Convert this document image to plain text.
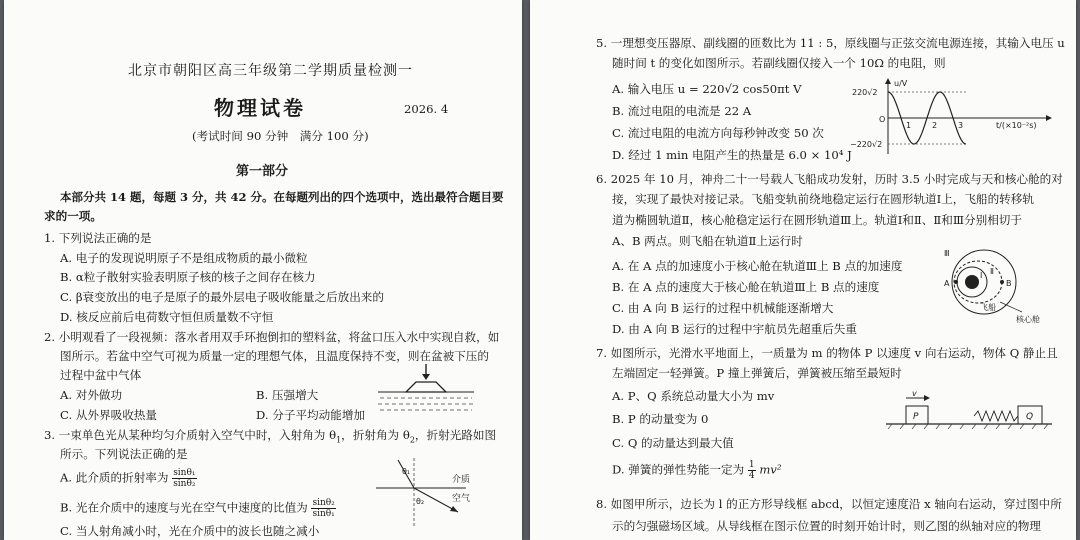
北京市朝阳区高三年级第二学期质量检测一
物理试卷	2026. 4
(考试时间 90 分钟　满分 100 分)
第一部分
本部分共 14 题，每题 3 分，共 42 分。在每题列出的四个选项中，选出最符合题目要
求的一项。
1. 下列说法正确的是
A. 电子的发现说明原子不是组成物质的最小微粒
B. α粒子散射实验表明原子核的核子之间存在核力
C. β衰变放出的电子是原子的最外层电子吸收能量之后放出来的
D. 核反应前后电荷数守恒但质量数不守恒
2. 小明观看了一段视频：落水者用双手环抱倒扣的塑料盆，将盆口压入水中实现自救，如
图所示。若盆中空气可视为质量一定的理想气体，且温度保持不变，则在盆被下压的
过程中盆中气体
A. 对外做功	B. 压强增大
C. 从外界吸收热量	D. 分子平均动能增加
3. 一束单色光从某种均匀介质射入空气中时，入射角为 $\theta_1$，折射角为 $\theta_2$，折射光路如图
所示。下列说法正确的是
A. 此介质的折射率为 $\frac{\text{sinθ₁}}{\text{sinθ₂}}$
B. 光在介质中的速度与光在空气中速度的比值为 $\frac{\text{sinθ₂}}{\text{sinθ₁}}$
C. 当人射角减小时，光在介质中的波长也随之减小
θ₁
θ₂
介质
空气
5. 一理想变压器原、副线圈的匝数比为 11 : 5，原线圈与正弦交流电源连接，其输入电压 u
随时间 t 的变化如图所示。若副线圈仅接入一个 10Ω 的电阻，则
A. 输入电压 u = 220√2 cos50πt V
B. 流过电阻的电流是 22 A
C. 流过电阻的电流方向每秒钟改变 50 次
D. 经过 1 min 电阻产生的热量是 6.0 × 10⁴ J
u/V
220√2
−220√2
O
1	2	3	t/(×10⁻²s)
6. 2025 年 10 月，神舟二十一号载人飞船成功发射，历时 3.5 小时完成与天和核心舱的对
接，实现了最快对接记录。飞船变轨前绕地稳定运行在圆形轨道Ⅰ上，飞船的转移轨
道为椭圆轨道Ⅱ，核心舱稳定运行在圆形轨道Ⅲ上。轨道Ⅰ和Ⅱ、Ⅱ和Ⅲ分别相切于
A、B 两点。则飞船在轨道Ⅱ上运行时
A. 在 A 点的加速度小于核心舱在轨道Ⅲ上 B 点的加速度
B. 在 A 点的速度大于核心舱在轨道Ⅲ上 B 点的速度
C. 由 A 向 B 运行的过程中机械能逐渐增大
D. 由 A 向 B 运行的过程中宇航员先超重后失重
Ⅲ
Ⅱ
Ⅰ
A	B
飞船
核心舱
7. 如图所示，光滑水平地面上，一质量为 m 的物体 P 以速度 v 向右运动，物体 Q 静止且
左端固定一轻弹簧。P 撞上弹簧后，弹簧被压缩至最短时
A. P、Q 系统总动量大小为 mv
B. P 的动量变为 0
C. Q 的动量达到最大值
D. 弹簧的弹性势能一定为 $\frac{1}{4} mv^2$
v
P	Q
8. 如图甲所示，边长为 l 的正方形导线框 abcd，以恒定速度沿 x 轴向右运动，穿过图中所
示的匀强磁场区域。从导线框在图示位置的时刻开始计时，则乙图的纵轴对应的物理
